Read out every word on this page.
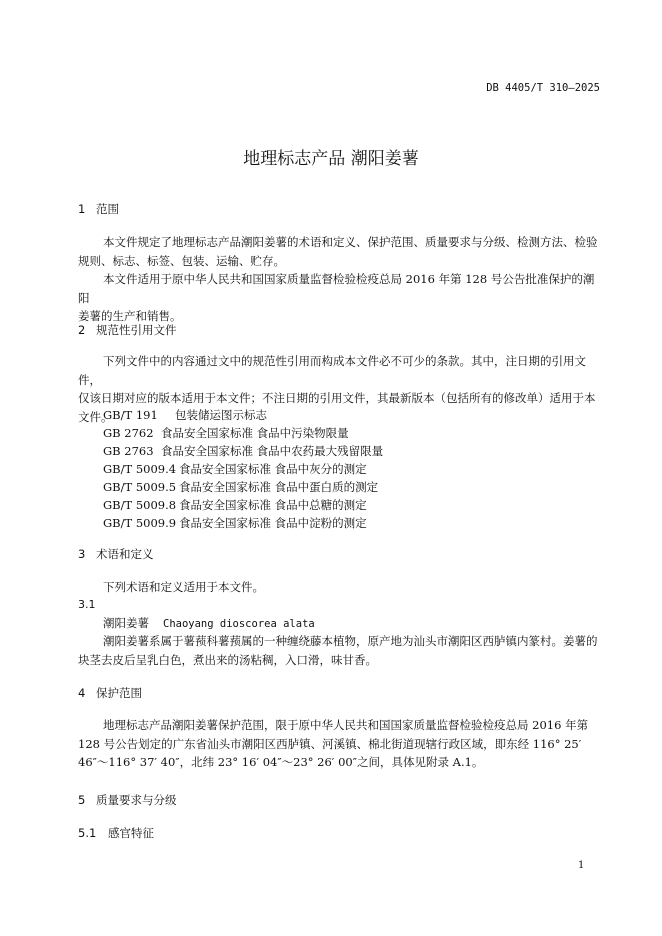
DB 4405/T 310—2025
地理标志产品 潮阳姜薯
1 范围
本文件规定了地理标志产品潮阳姜薯的术语和定义、保护范围、质量要求与分级、检测方法、检验
规则、标志、标签、包装、运输、贮存。
本文件适用于原中华人民共和国国家质量监督检验检疫总局 2016 年第 128 号公告批准保护的潮阳
姜薯的生产和销售。
2 规范性引用文件
下列文件中的内容通过文中的规范性引用而构成本文件必不可少的条款。其中，注日期的引用文件，
仅该日期对应的版本适用于本文件；不注日期的引用文件，其最新版本（包括所有的修改单）适用于本
文件。
GB/T 191 包装储运图示标志
GB 2762 食品安全国家标准 食品中污染物限量
GB 2763 食品安全国家标准 食品中农药最大残留限量
GB/T 5009.4 食品安全国家标准 食品中灰分的测定
GB/T 5009.5 食品安全国家标准 食品中蛋白质的测定
GB/T 5009.8 食品安全国家标准 食品中总糖的测定
GB/T 5009.9 食品安全国家标准 食品中淀粉的测定
3 术语和定义
下列术语和定义适用于本文件。
3.1
潮阳姜薯 Chaoyang dioscorea alata
潮阳姜薯系属于薯蓣科薯蓣属的一种缠绕藤本植物，原产地为汕头市潮阳区西胪镇内篆村。姜薯的
块茎去皮后呈乳白色，煮出来的汤粘稠，入口滑，味甘香。
4 保护范围
地理标志产品潮阳姜薯保护范围，限于原中华人民共和国国家质量监督检验检疫总局 2016 年第
128 号公告划定的广东省汕头市潮阳区西胪镇、河溪镇、棉北街道现辖行政区域，即东经 116° 25′
46″～116° 37′ 40″，北纬 23° 16′ 04″～23° 26′ 00″之间，具体见附录 A.1。
5 质量要求与分级
5.1 感官特征
1
